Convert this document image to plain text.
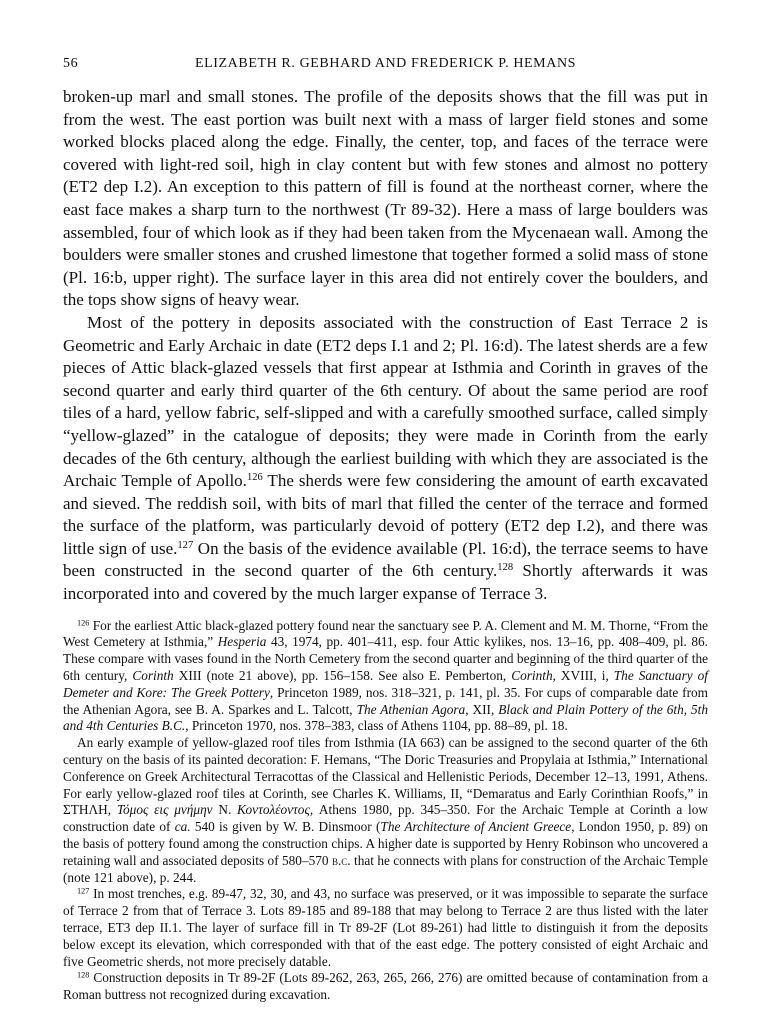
56	ELIZABETH R. GEBHARD AND FREDERICK P. HEMANS

broken-up marl and small stones. The profile of the deposits shows that the fill was put in from the west. The east portion was built next with a mass of larger field stones and some worked blocks placed along the edge. Finally, the center, top, and faces of the terrace were covered with light-red soil, high in clay content but with few stones and almost no pottery (ET2 dep I.2). An exception to this pattern of fill is found at the northeast corner, where the east face makes a sharp turn to the northwest (Tr 89-32). Here a mass of large boulders was assembled, four of which look as if they had been taken from the Mycenaean wall. Among the boulders were smaller stones and crushed limestone that together formed a solid mass of stone (Pl. 16:b, upper right). The surface layer in this area did not entirely cover the boulders, and the tops show signs of heavy wear.

Most of the pottery in deposits associated with the construction of East Terrace 2 is Geometric and Early Archaic in date (ET2 deps I.1 and 2; Pl. 16:d). The latest sherds are a few pieces of Attic black-glazed vessels that first appear at Isthmia and Corinth in graves of the second quarter and early third quarter of the 6th century. Of about the same period are roof tiles of a hard, yellow fabric, self-slipped and with a carefully smoothed surface, called simply “yellow-glazed” in the catalogue of deposits; they were made in Corinth from the early decades of the 6th century, although the earliest building with which they are associated is the Archaic Temple of Apollo.$^{126}$ The sherds were few considering the amount of earth excavated and sieved. The reddish soil, with bits of marl that filled the center of the terrace and formed the surface of the platform, was particularly devoid of pottery (ET2 dep I.2), and there was little sign of use.$^{127}$ On the basis of the evidence available (Pl. 16:d), the terrace seems to have been constructed in the second quarter of the 6th century.$^{128}$ Shortly afterwards it was incorporated into and covered by the much larger expanse of Terrace 3.

$^{126}$ For the earliest Attic black-glazed pottery found near the sanctuary see P. A. Clement and M. M. Thorne, “From the West Cemetery at Isthmia,” Hesperia 43, 1974, pp. 401–411, esp. four Attic kylikes, nos. 13–16, pp. 408–409, pl. 86. These compare with vases found in the North Cemetery from the second quarter and beginning of the third quarter of the 6th century, Corinth XIII (note 21 above), pp. 156–158. See also E. Pemberton, Corinth, XVIII, i, The Sanctuary of Demeter and Kore: The Greek Pottery, Princeton 1989, nos. 318–321, p. 141, pl. 35. For cups of comparable date from the Athenian Agora, see B. A. Sparkes and L. Talcott, The Athenian Agora, XII, Black and Plain Pottery of the 6th, 5th and 4th Centuries B.C., Princeton 1970, nos. 378–383, class of Athens 1104, pp. 88–89, pl. 18.

An early example of yellow-glazed roof tiles from Isthmia (IA 663) can be assigned to the second quarter of the 6th century on the basis of its painted decoration: F. Hemans, “The Doric Treasuries and Propylaia at Isthmia,” International Conference on Greek Architectural Terracottas of the Classical and Hellenistic Periods, December 12–13, 1991, Athens. For early yellow-glazed roof tiles at Corinth, see Charles K. Williams, II, “Demaratus and Early Corinthian Roofs,” in ΣΤΗΛΗ, Τόμος εις μνήμην N. Κοντολέοντος, Athens 1980, pp. 345–350. For the Archaic Temple at Corinth a low construction date of ca. 540 is given by W. B. Dinsmoor (The Architecture of Ancient Greece, London 1950, p. 89) on the basis of pottery found among the construction chips. A higher date is supported by Henry Robinson who uncovered a retaining wall and associated deposits of 580–570 b.c. that he connects with plans for construction of the Archaic Temple (note 121 above), p. 244.

$^{127}$ In most trenches, e.g. 89-47, 32, 30, and 43, no surface was preserved, or it was impossible to separate the surface of Terrace 2 from that of Terrace 3. Lots 89-185 and 89-188 that may belong to Terrace 2 are thus listed with the later terrace, ET3 dep II.1. The layer of surface fill in Tr 89-2F (Lot 89-261) had little to distinguish it from the deposits below except its elevation, which corresponded with that of the east edge. The pottery consisted of eight Archaic and five Geometric sherds, not more precisely datable.

$^{128}$ Construction deposits in Tr 89-2F (Lots 89-262, 263, 265, 266, 276) are omitted because of contamination from a Roman buttress not recognized during excavation.
